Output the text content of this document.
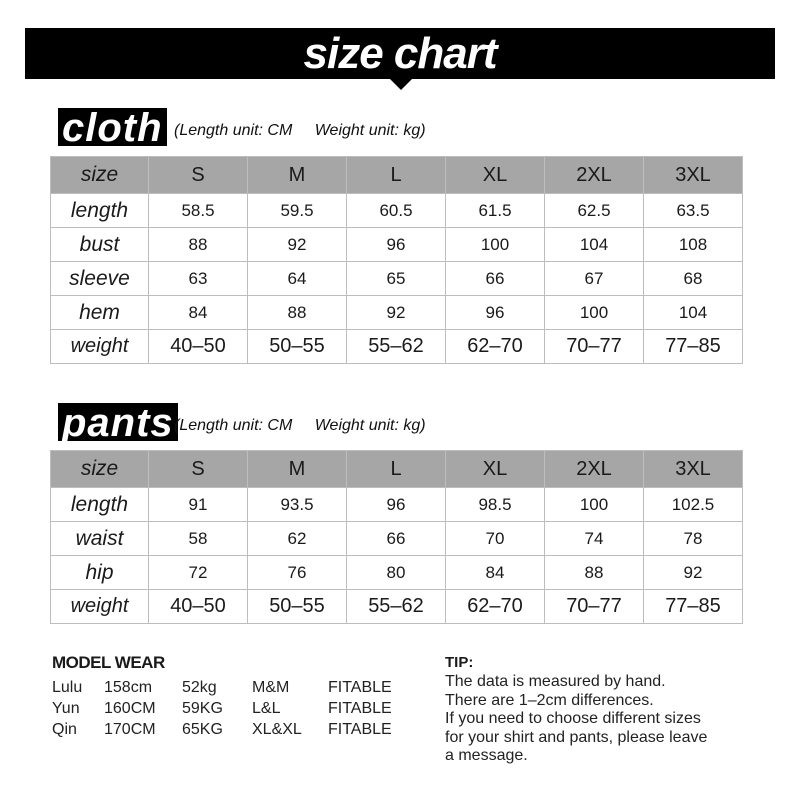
size chart
cloth (Length unit: CM Weight unit: kg)
size	S	M	L	XL	2XL	3XL
length	58.5	59.5	60.5	61.5	62.5	63.5
bust	88	92	96	100	104	108
sleeve	63	64	65	66	67	68
hem	84	88	92	96	100	104
weight	40–50	50–55	55–62	62–70	70–77	77–85
pants (Length unit: CM Weight unit: kg)
size	S	M	L	XL	2XL	3XL
length	91	93.5	96	98.5	100	102.5
waist	58	62	66	70	74	78
hip	72	76	80	84	88	92
weight	40–50	50–55	55–62	62–70	70–77	77–85
MODEL WEAR
Lulu 158cm 52kg M&M FITABLE
Yun 160CM 59KG L&L	FITABLE
Qin 170CM 65KG XL&XL FITABLE
TIP:
The data is measured by hand.
There are 1–2cm differences.
If you need to choose different sizes
for your shirt and pants, please leave
a message.
